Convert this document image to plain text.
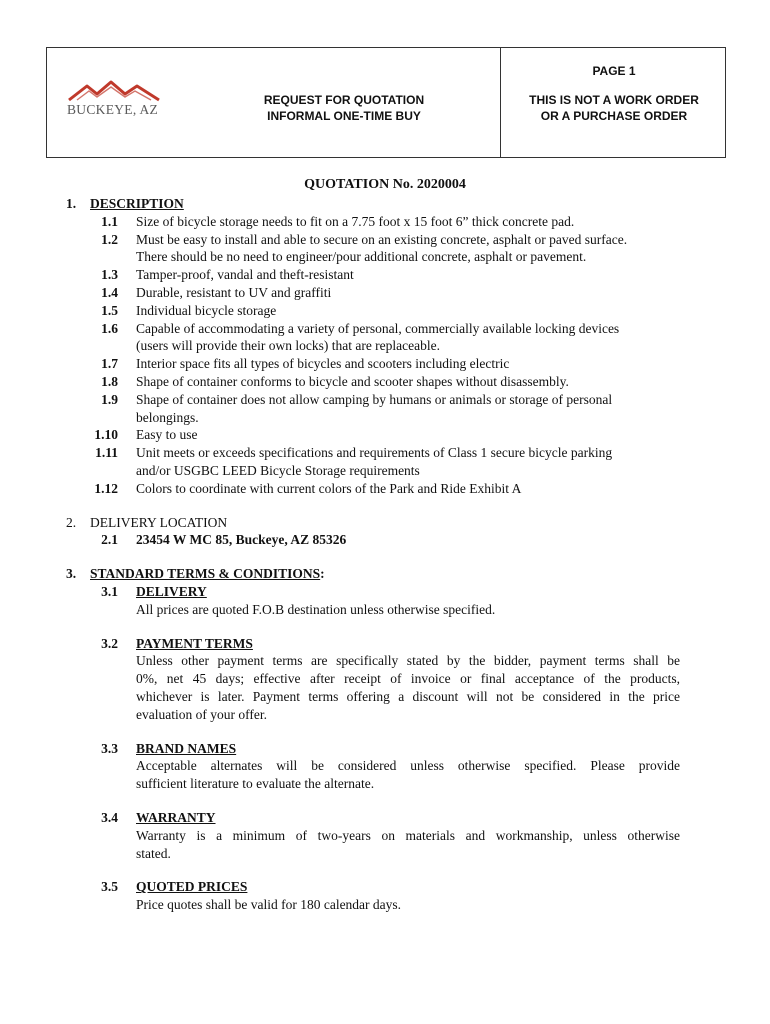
BUCKEYE, AZ
REQUEST FOR QUOTATION
INFORMAL ONE-TIME BUY
PAGE 1
THIS IS NOT A WORK ORDER
OR A PURCHASE ORDER
QUOTATION No. 2020004
1. DESCRIPTION
1.1 Size of bicycle storage needs to fit on a 7.75 foot x 15 foot 6” thick concrete pad.
1.2 Must be easy to install and able to secure on an existing concrete, asphalt or paved surface.
There should be no need to engineer/pour additional concrete, asphalt or pavement.
1.3 Tamper-proof, vandal and theft-resistant
1.4 Durable, resistant to UV and graffiti
1.5 Individual bicycle storage
1.6 Capable of accommodating a variety of personal, commercially available locking devices
(users will provide their own locks) that are replaceable.
1.7 Interior space fits all types of bicycles and scooters including electric
1.8 Shape of container conforms to bicycle and scooter shapes without disassembly.
1.9 Shape of container does not allow camping by humans or animals or storage of personal
belongings.
1.10 Easy to use
1.11 Unit meets or exceeds specifications and requirements of Class 1 secure bicycle parking
and/or USGBC LEED Bicycle Storage requirements
1.12 Colors to coordinate with current colors of the Park and Ride Exhibit A
2. DELIVERY LOCATION
2.1 23454 W MC 85, Buckeye, AZ 85326
3. STANDARD TERMS & CONDITIONS:
3.1 DELIVERY
All prices are quoted F.O.B destination unless otherwise specified.
3.2 PAYMENT TERMS
Unless other payment terms are specifically stated by the bidder, payment terms shall be
0%, net 45 days; effective after receipt of invoice or final acceptance of the products,
whichever is later. Payment terms offering a discount will not be considered in the price
evaluation of your offer.
3.3 BRAND NAMES
Acceptable alternates will be considered unless otherwise specified. Please provide
sufficient literature to evaluate the alternate.
3.4 WARRANTY
Warranty is a minimum of two-years on materials and workmanship, unless otherwise
stated.
3.5 QUOTED PRICES
Price quotes shall be valid for 180 calendar days.
